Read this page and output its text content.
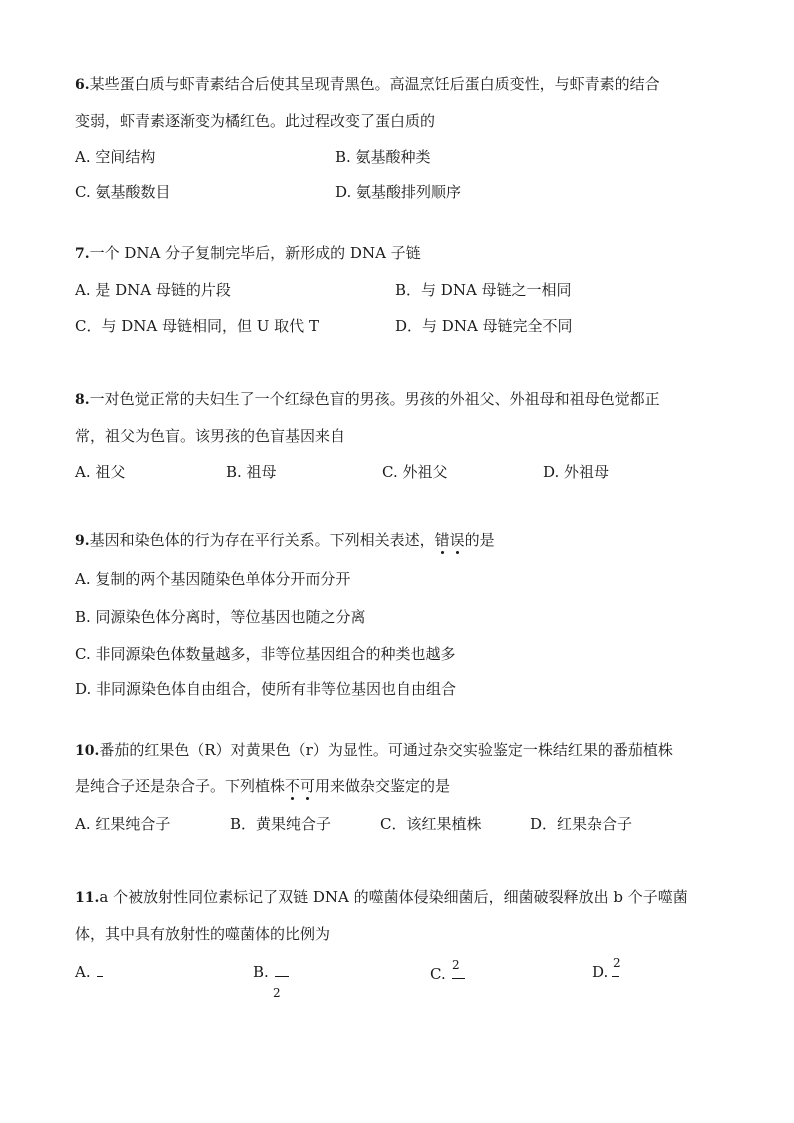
6.某些蛋白质与虾青素结合后使其呈现青黑色。高温烹饪后蛋白质变性，与虾青素的结合
变弱，虾青素逐渐变为橘红色。此过程改变了蛋白质的
A. 空间结构	B. 氨基酸种类
C. 氨基酸数目	D. 氨基酸排列顺序
7.一个 DNA 分子复制完毕后，新形成的 DNA 子链
A. 是 DNA 母链的片段	B．与 DNA 母链之一相同
C．与 DNA 母链相同，但 U 取代 T	D．与 DNA 母链完全不同
8.一对色觉正常的夫妇生了一个红绿色盲的男孩。男孩的外祖父、外祖母和祖母色觉都正
常，祖父为色盲。该男孩的色盲基因来自
A. 祖父	B. 祖母	C. 外祖父	D. 外祖母
9.基因和染色体的行为存在平行关系。下列相关表述，错误的是
A. 复制的两个基因随染色单体分开而分开
B. 同源染色体分离时，等位基因也随之分离
C. 非同源染色体数量越多，非等位基因组合的种类也越多
D. 非同源染色体自由组合，使所有非等位基因也自由组合
10.番茄的红果色（R）对黄果色（r）为显性。可通过杂交实验鉴定一株结红果的番茄植株
是纯合子还是杂合子。下列植株不可用来做杂交鉴定的是
A. 红果纯合子	B．黄果纯合子	C．该红果植株	D．红果杂合子
11.a 个被放射性同位素标记了双链 DNA 的噬菌体侵染细菌后，细菌破裂释放出 b 个子噬菌
体，其中具有放射性的噬菌体的比例为
A.	B.
2
2
C.
2
D.
